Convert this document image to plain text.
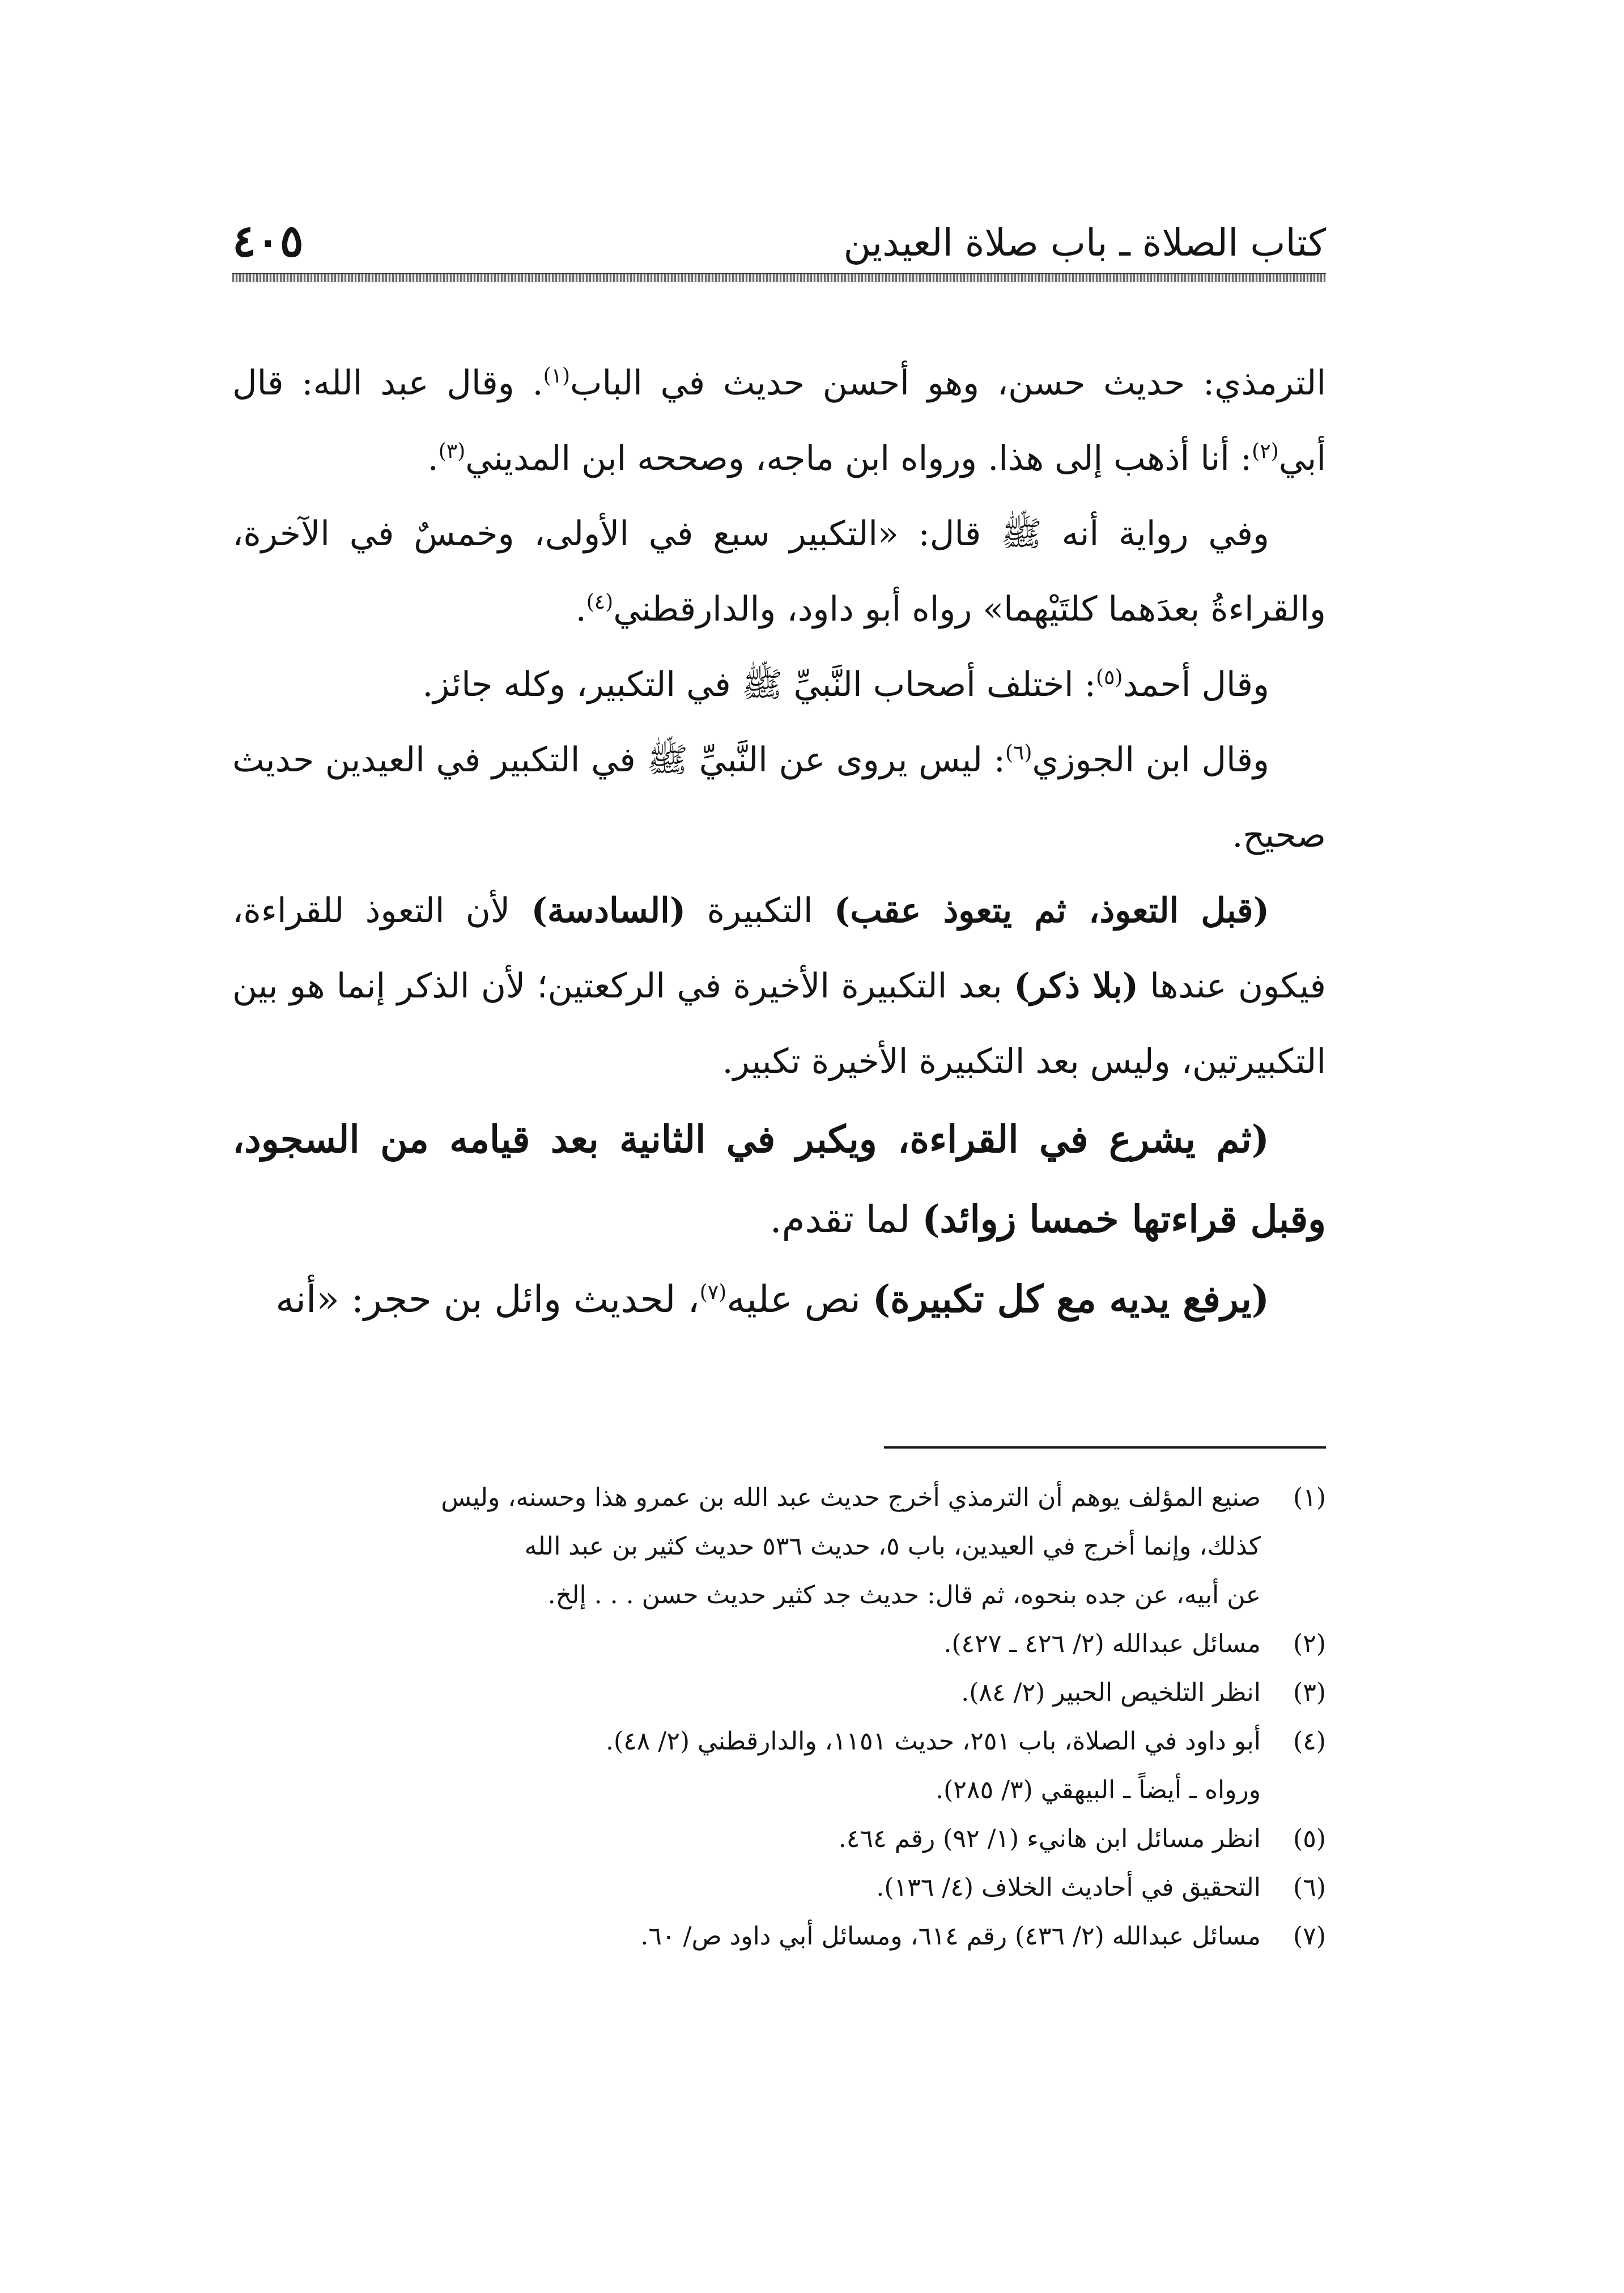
كتاب الصلاة ـ باب صلاة العيدين
٤٠٥

الترمذي: حديث حسن، وهو أحسن حديث في الباب$^{(١)}$. وقال عبد الله: قال أبي$^{(٢)}$: أنا أذهب إلى هذا. ورواه ابن ماجه، وصححه ابن المديني$^{(٣)}$.

وفي رواية أنه ﷺ قال: «التكبير سبع في الأولى، وخمسٌ في الآخرة، والقراءةُ بعدَهما كلتَيْهما» رواه أبو داود، والدارقطني$^{(٤)}$.

وقال أحمد$^{(٥)}$: اختلف أصحاب النَّبيِّ ﷺ في التكبير، وكله جائز.

وقال ابن الجوزي$^{(٦)}$: ليس يروى عن النَّبيِّ ﷺ في التكبير في العيدين حديث صحيح.

(قبل التعوذ، ثم يتعوذ عقب) التكبيرة (السادسة) لأن التعوذ للقراءة، فيكون عندها (بلا ذكر) بعد التكبيرة الأخيرة في الركعتين؛ لأن الذكر إنما هو بين التكبيرتين، وليس بعد التكبيرة الأخيرة تكبير.

(ثم يشرع في القراءة، ويكبر في الثانية بعد قيامه من السجود، وقبل قراءتها خمسا زوائد) لما تقدم.

(يرفع يديه مع كل تكبيرة) نص عليه$^{(٧)}$، لحديث وائل بن حجر: «أنه

(١)
صنيع المؤلف يوهم أن الترمذي أخرج حديث عبد الله بن عمرو هذا وحسنه، وليس
كذلك، وإنما أخرج في العيدين، باب ٥، حديث ٥٣٦ حديث كثير بن عبد الله
عن أبيه، عن جده بنحوه، ثم قال: حديث جد كثير حديث حسن . . . إلخ.
(٢)
مسائل عبدالله (٢/ ٤٢٦ ـ ٤٢٧).
(٣)
انظر التلخيص الحبير (٢/ ٨٤).
(٤)
أبو داود في الصلاة، باب ٢٥١، حديث ١١٥١، والدارقطني (٢/ ٤٨).
ورواه ـ أيضاً ـ البيهقي (٣/ ٢٨٥).
(٥)
انظر مسائل ابن هانيء (١/ ٩٢) رقم ٤٦٤.
(٦)
التحقيق في أحاديث الخلاف (٤/ ١٣٦).
(٧)
مسائل عبدالله (٢/ ٤٣٦) رقم ٦١٤، ومسائل أبي داود ص/ ٦٠.
